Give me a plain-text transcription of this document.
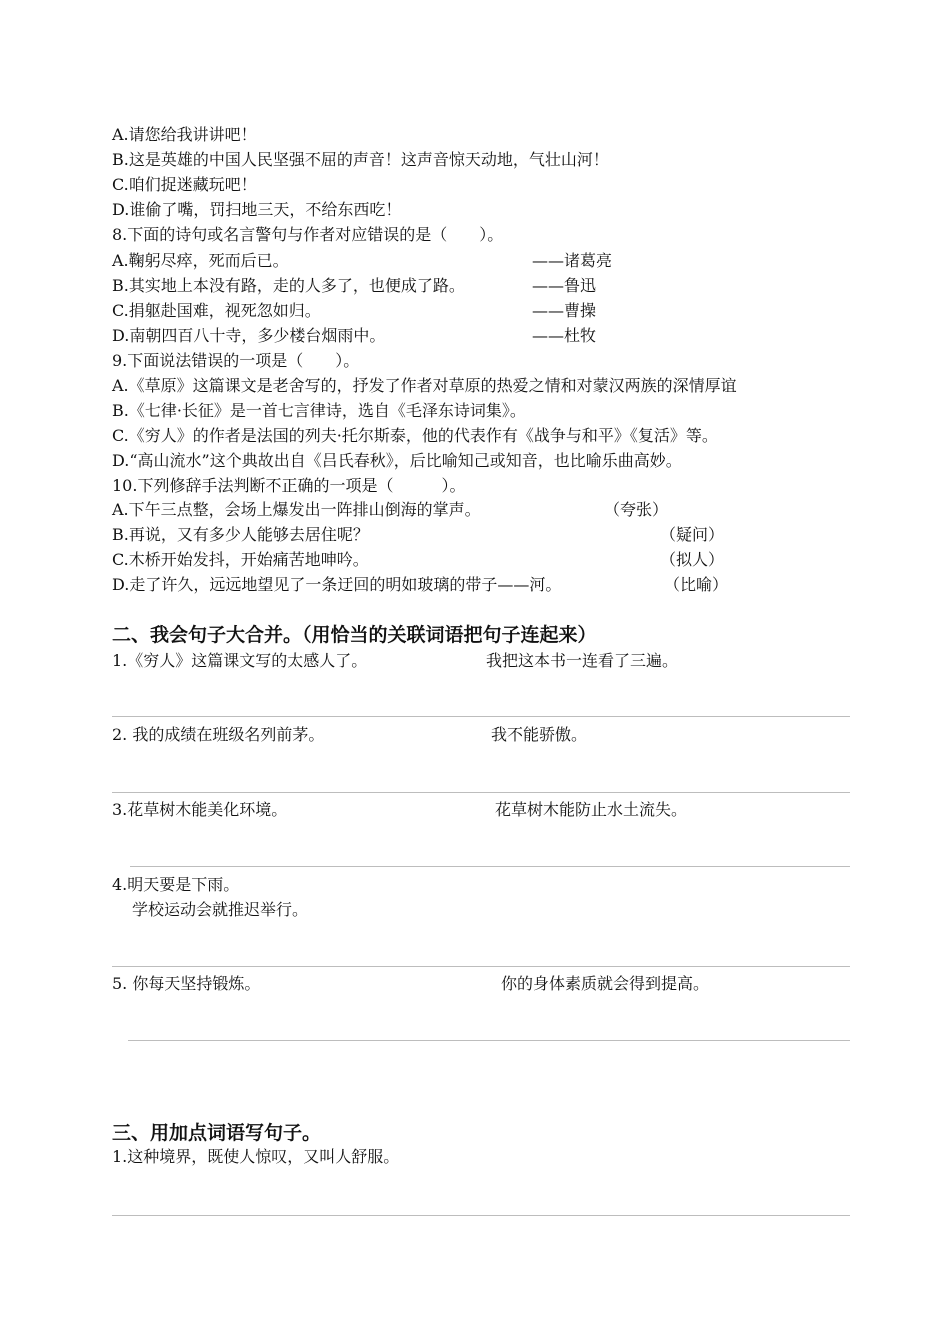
A.请您给我讲讲吧！
B.这是英雄的中国人民坚强不屈的声音！这声音惊天动地，气壮山河！
C.咱们捉迷藏玩吧！
D.谁偷了嘴，罚扫地三天，不给东西吃！
8.下面的诗句或名言警句与作者对应错误的是（　　）。
A.鞠躬尽瘁，死而后已。	——诸葛亮
B.其实地上本没有路，走的人多了，也便成了路。	——鲁迅
C.捐躯赴国难，视死忽如归。	——曹操
D.南朝四百八十寺，多少楼台烟雨中。	——杜牧
9.下面说法错误的一项是（　　）。
A.《草原》这篇课文是老舍写的，抒发了作者对草原的热爱之情和对蒙汉两族的深情厚谊
B.《七律·长征》是一首七言律诗，选自《毛泽东诗词集》。
C.《穷人》的作者是法国的列夫·托尔斯泰，他的代表作有《战争与和平》《复活》等。
D.“高山流水”这个典故出自《吕氏春秋》，后比喻知己或知音，也比喻乐曲高妙。
10.下列修辞手法判断不正确的一项是（　　　）。
A.下午三点整，会场上爆发出一阵排山倒海的掌声。	（夸张）
B.再说，又有多少人能够去居住呢？	（疑问）
C.木桥开始发抖，开始痛苦地呻吟。	（拟人）
D.走了许久，远远地望见了一条迂回的明如玻璃的带子——河。	（比喻）
二、我会句子大合并。（用恰当的关联词语把句子连起来）
1.《穷人》这篇课文写的太感人了。	我把这本书一连看了三遍。
2. 我的成绩在班级名列前茅。	我不能骄傲。
3.花草树木能美化环境。	花草树木能防止水土流失。
4.明天要是下雨。
学校运动会就推迟举行。
5. 你每天坚持锻炼。	你的身体素质就会得到提高。
三、用加点词语写句子。
1.这种境界，既使人惊叹，又叫人舒服。
